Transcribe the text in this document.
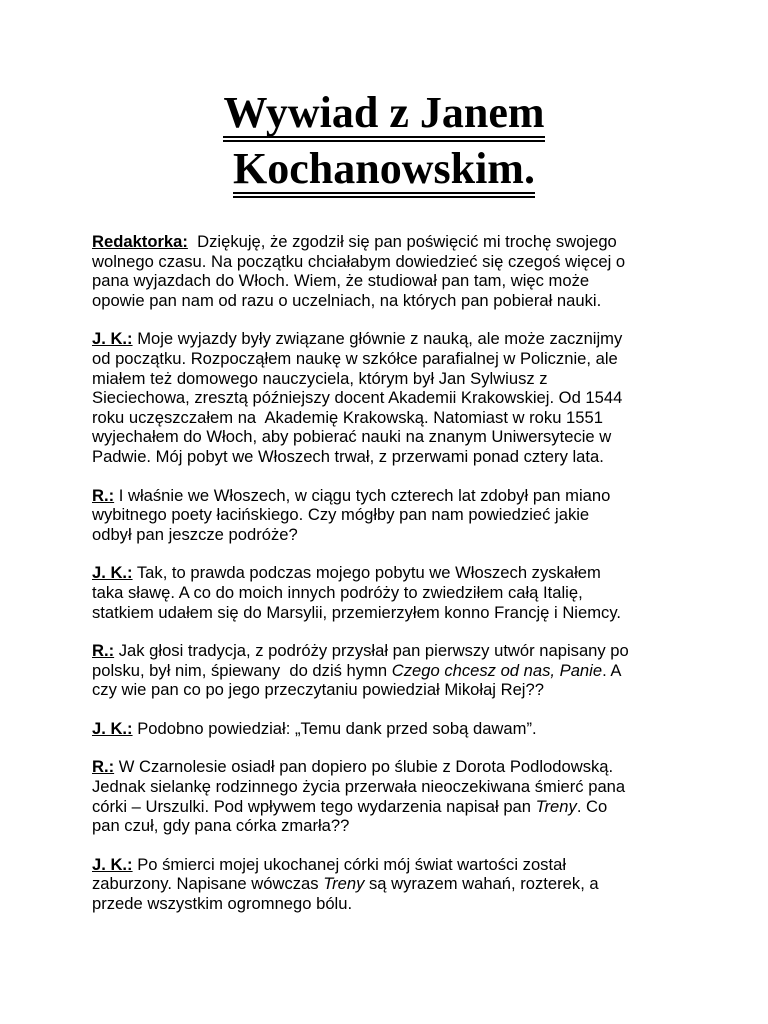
Wywiad z Janem
Kochanowskim.
Redaktorka:  Dziękuję, że zgodził się pan poświęcić mi trochę swojego
wolnego czasu. Na początku chciałabym dowiedzieć się czegoś więcej o
pana wyjazdach do Włoch. Wiem, że studiował pan tam, więc może
opowie pan nam od razu o uczelniach, na których pan pobierał nauki.
J. K.: Moje wyjazdy były związane głównie z nauką, ale może zacznijmy
od początku. Rozpocząłem naukę w szkółce parafialnej w Policznie, ale
miałem też domowego nauczyciela, którym był Jan Sylwiusz z
Sieciechowa, zresztą późniejszy docent Akademii Krakowskiej. Od 1544
roku uczęszczałem na  Akademię Krakowską. Natomiast w roku 1551
wyjechałem do Włoch, aby pobierać nauki na znanym Uniwersytecie w
Padwie. Mój pobyt we Włoszech trwał, z przerwami ponad cztery lata.
R.: I właśnie we Włoszech, w ciągu tych czterech lat zdobył pan miano
wybitnego poety łacińskiego. Czy mógłby pan nam powiedzieć jakie
odbył pan jeszcze podróże?
J. K.: Tak, to prawda podczas mojego pobytu we Włoszech zyskałem
taka sławę. A co do moich innych podróży to zwiedziłem całą Italię,
statkiem udałem się do Marsylii, przemierzyłem konno Francję i Niemcy.
R.: Jak głosi tradycja, z podróży przysłał pan pierwszy utwór napisany po
polsku, był nim, śpiewany  do dziś hymn Czego chcesz od nas, Panie. A
czy wie pan co po jego przeczytaniu powiedział Mikołaj Rej??
J. K.: Podobno powiedział: „Temu dank przed sobą dawam”.
R.: W Czarnolesie osiadł pan dopiero po ślubie z Dorota Podlodowską.
Jednak sielankę rodzinnego życia przerwała nieoczekiwana śmierć pana
córki – Urszulki. Pod wpływem tego wydarzenia napisał pan Treny. Co
pan czuł, gdy pana córka zmarła??
J. K.: Po śmierci mojej ukochanej córki mój świat wartości został
zaburzony. Napisane wówczas Treny są wyrazem wahań, rozterek, a
przede wszystkim ogromnego bólu.
